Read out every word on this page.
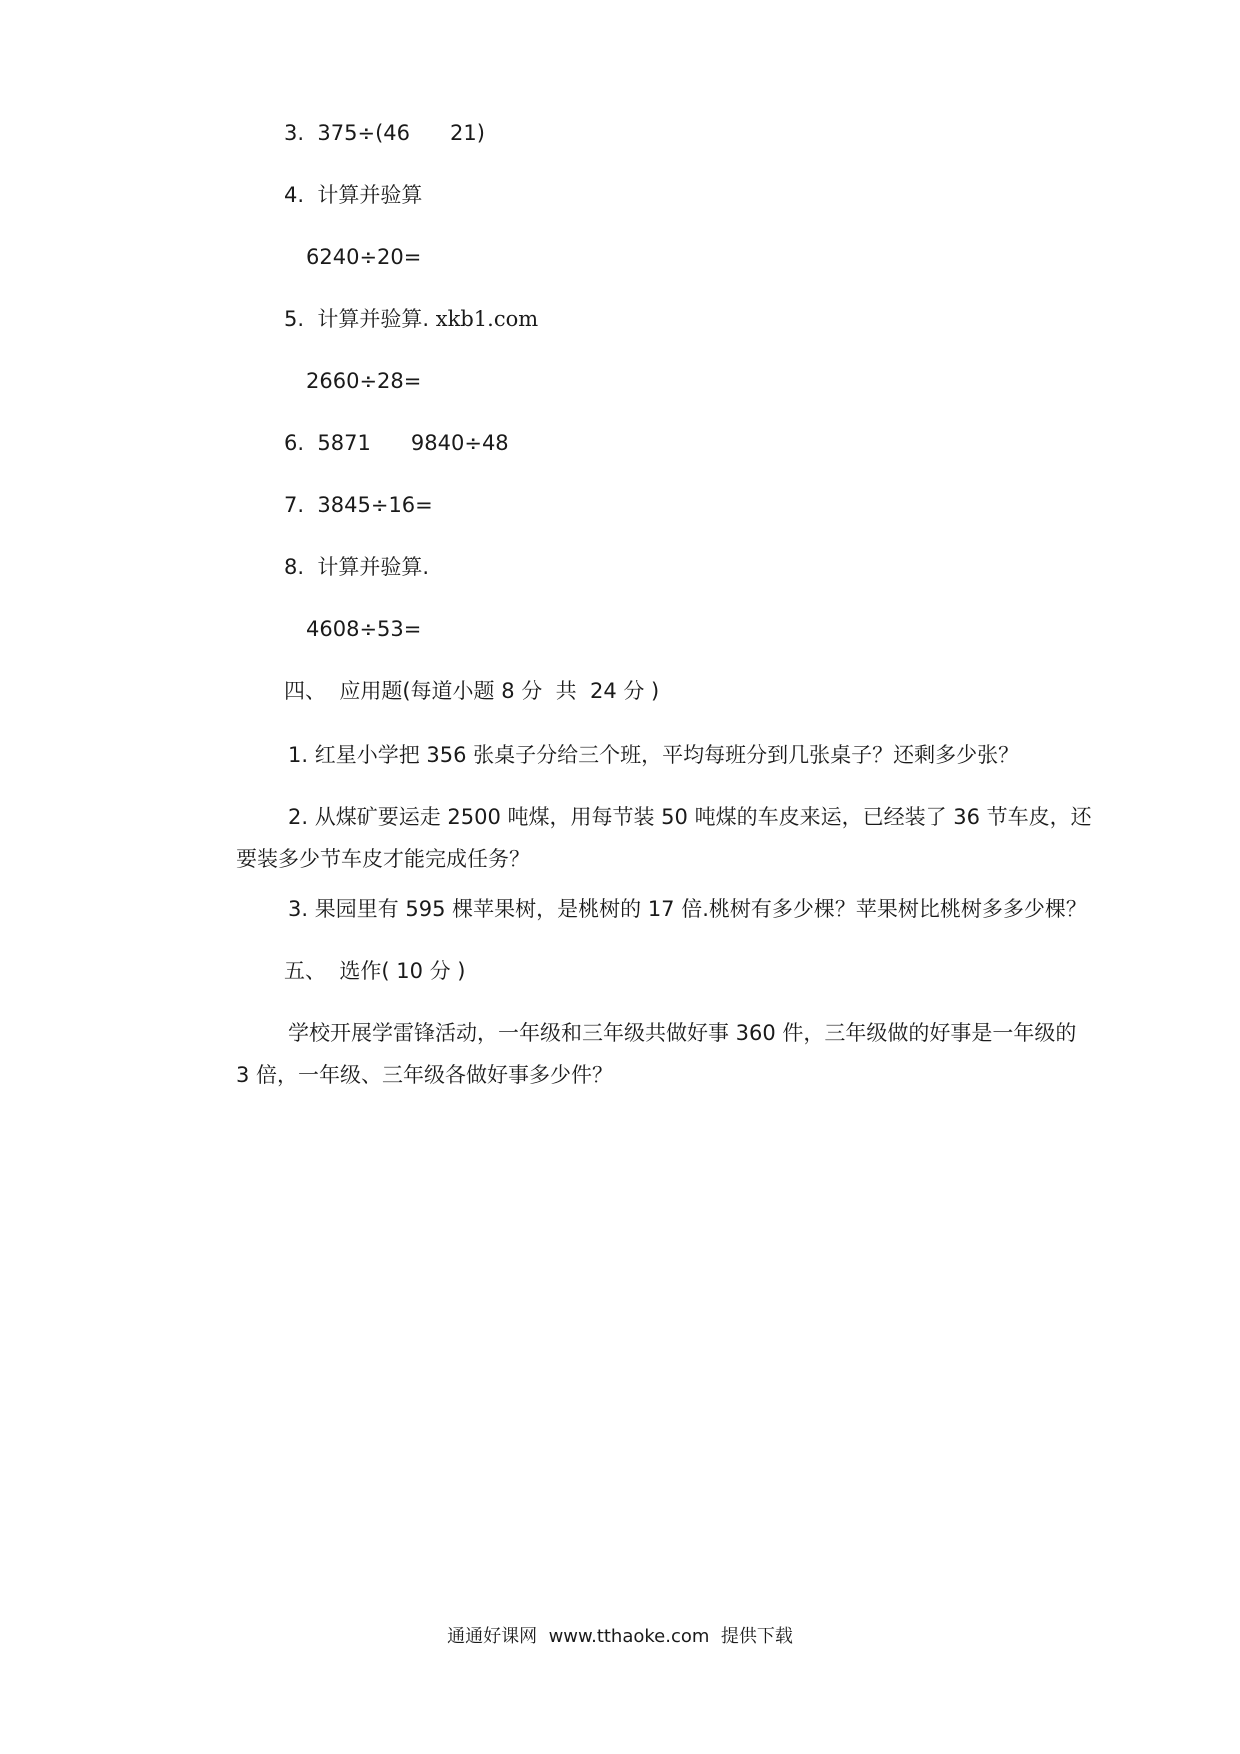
3. 375÷(46      21)
4. 计算并验算
6240÷20=
5. 计算并验算. xkb1.com
2660÷28=
6. 5871      9840÷48
7. 3845÷16=
8. 计算并验算.
4608÷53=
四、  应用题(每道小题 8 分  共  24 分 )
1. 红星小学把 356 张桌子分给三个班，平均每班分到几张桌子？还剩多少张？
2. 从煤矿要运走 2500 吨煤，用每节装 50 吨煤的车皮来运，已经装了 36 节车皮，还要装多少节车皮才能完成任务？
3. 果园里有 595 棵苹果树，是桃树的 17 倍.桃树有多少棵？苹果树比桃树多多少棵？
五、  选作( 10 分 )
学校开展学雷锋活动，一年级和三年级共做好事 360 件，三年级做的好事是一年级的 3 倍，一年级、三年级各做好事多少件？
通通好课网  www.tthaoke.com  提供下载
